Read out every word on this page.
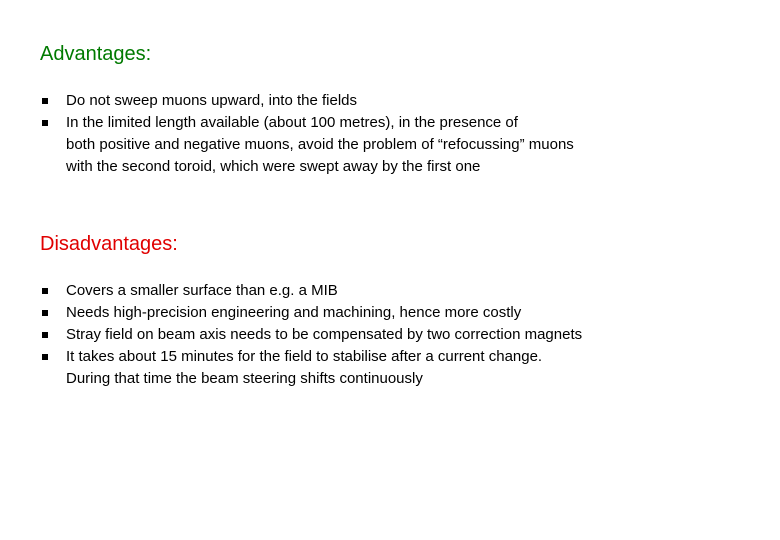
Advantages:
Do not sweep muons upward, into the fields
In the limited length available (about 100 metres), in the presence of
both positive and negative muons, avoid the problem of “refocussing” muons
with the second toroid, which were swept away by the first one
Disadvantages:
Covers a smaller surface than e.g. a MIB
Needs high-precision engineering and machining, hence more costly
Stray field on beam axis needs to be compensated by two correction magnets
It takes about 15 minutes for the field to stabilise after a current change.
During that time the beam steering shifts continuously
